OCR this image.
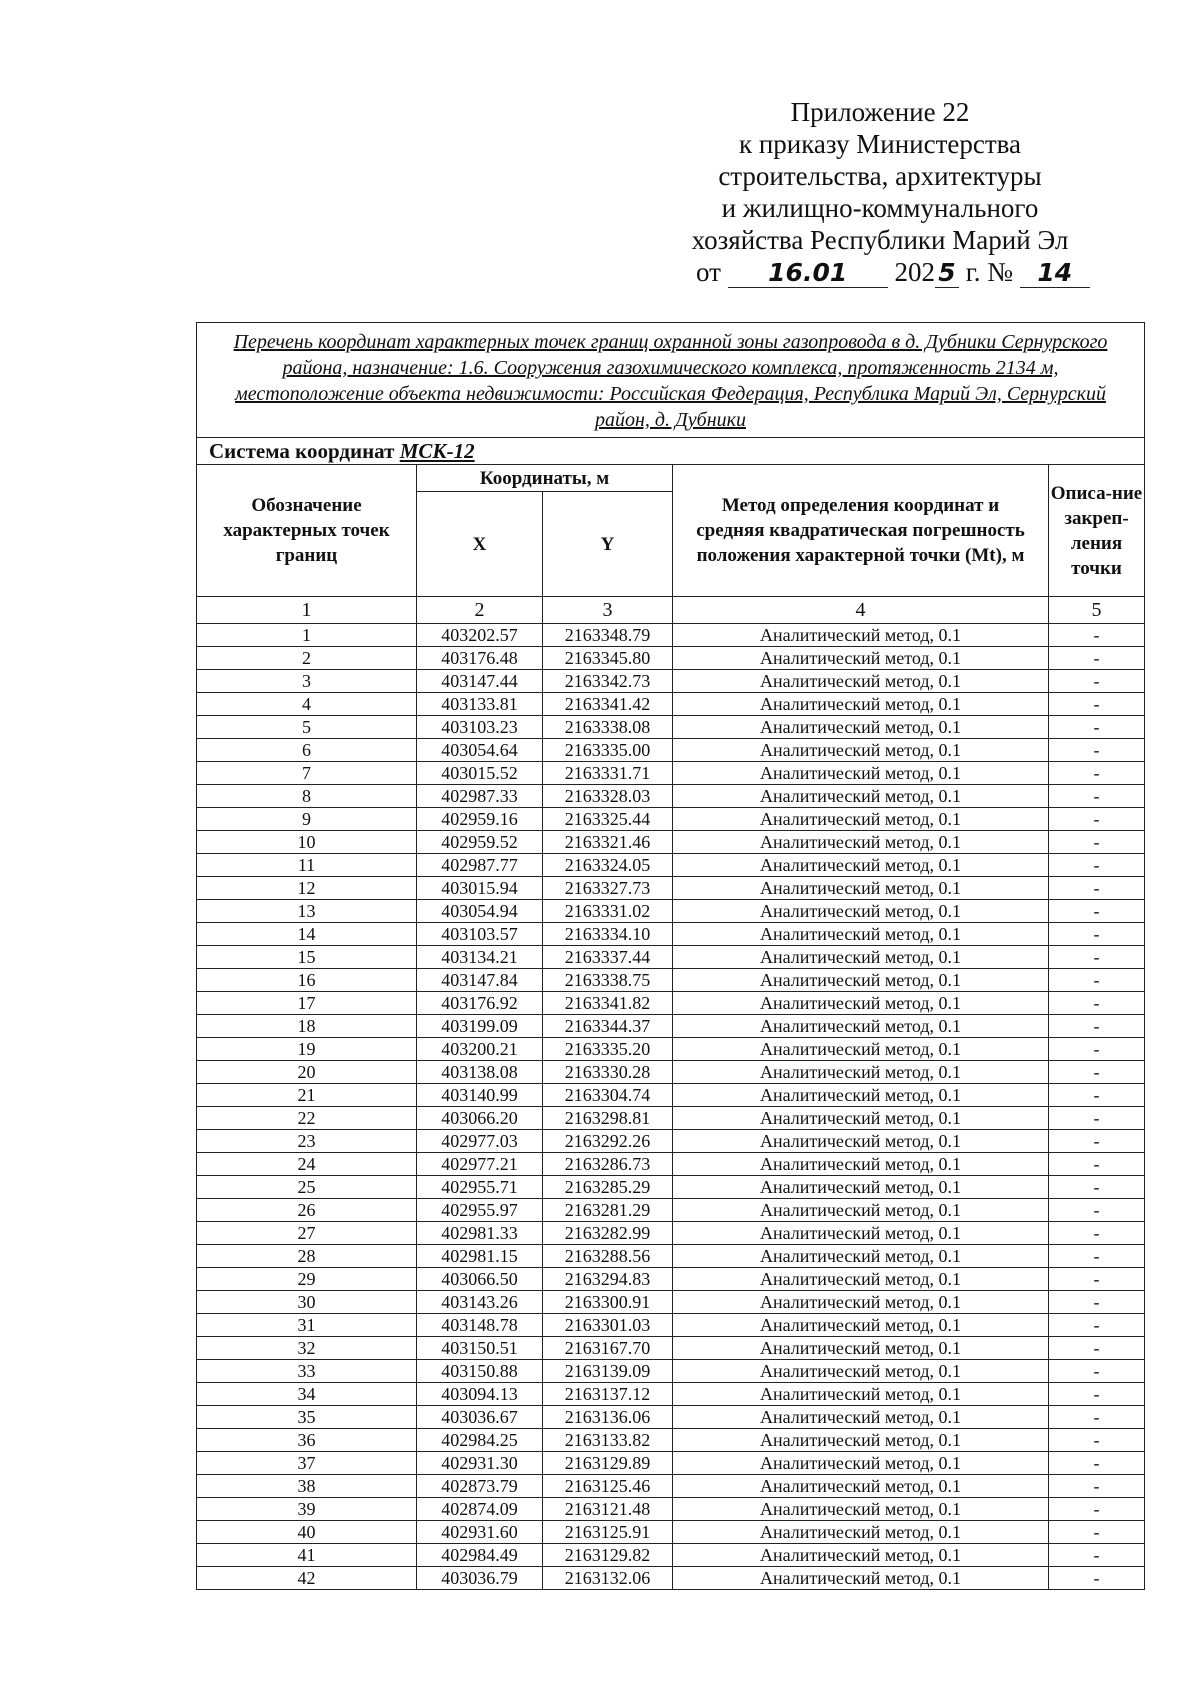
Приложение 22
к приказу Министерства
строительства, архитектуры
и жилищно-коммунального
хозяйства Республики Марий Эл
от 16.01 202 5 г. № 14
Перечень координат характерных точек границ охранной зоны газопровода в д. Дубники Сернурского района, назначение: 1.6. Сооружения газохимического комплекса, протяженность 2134 м, местоположение объекта недвижимости: Российская Федерация, Республика Марий Эл, Сернурский район, д. Дубники				
Система координат МСК-12				
Обозначение характерных точек границ	Координаты, м		Метод определения координат и средняя квадратическая погрешность положения характерной точки (Mt), м	Описа-ние закреп-ления точки
	X	Y		
1	2	3	4	5
1	403202.57	2163348.79	Аналитический метод, 0.1	-
2	403176.48	2163345.80	Аналитический метод, 0.1	-
3	403147.44	2163342.73	Аналитический метод, 0.1	-
4	403133.81	2163341.42	Аналитический метод, 0.1	-
5	403103.23	2163338.08	Аналитический метод, 0.1	-
6	403054.64	2163335.00	Аналитический метод, 0.1	-
7	403015.52	2163331.71	Аналитический метод, 0.1	-
8	402987.33	2163328.03	Аналитический метод, 0.1	-
9	402959.16	2163325.44	Аналитический метод, 0.1	-
10	402959.52	2163321.46	Аналитический метод, 0.1	-
11	402987.77	2163324.05	Аналитический метод, 0.1	-
12	403015.94	2163327.73	Аналитический метод, 0.1	-
13	403054.94	2163331.02	Аналитический метод, 0.1	-
14	403103.57	2163334.10	Аналитический метод, 0.1	-
15	403134.21	2163337.44	Аналитический метод, 0.1	-
16	403147.84	2163338.75	Аналитический метод, 0.1	-
17	403176.92	2163341.82	Аналитический метод, 0.1	-
18	403199.09	2163344.37	Аналитический метод, 0.1	-
19	403200.21	2163335.20	Аналитический метод, 0.1	-
20	403138.08	2163330.28	Аналитический метод, 0.1	-
21	403140.99	2163304.74	Аналитический метод, 0.1	-
22	403066.20	2163298.81	Аналитический метод, 0.1	-
23	402977.03	2163292.26	Аналитический метод, 0.1	-
24	402977.21	2163286.73	Аналитический метод, 0.1	-
25	402955.71	2163285.29	Аналитический метод, 0.1	-
26	402955.97	2163281.29	Аналитический метод, 0.1	-
27	402981.33	2163282.99	Аналитический метод, 0.1	-
28	402981.15	2163288.56	Аналитический метод, 0.1	-
29	403066.50	2163294.83	Аналитический метод, 0.1	-
30	403143.26	2163300.91	Аналитический метод, 0.1	-
31	403148.78	2163301.03	Аналитический метод, 0.1	-
32	403150.51	2163167.70	Аналитический метод, 0.1	-
33	403150.88	2163139.09	Аналитический метод, 0.1	-
34	403094.13	2163137.12	Аналитический метод, 0.1	-
35	403036.67	2163136.06	Аналитический метод, 0.1	-
36	402984.25	2163133.82	Аналитический метод, 0.1	-
37	402931.30	2163129.89	Аналитический метод, 0.1	-
38	402873.79	2163125.46	Аналитический метод, 0.1	-
39	402874.09	2163121.48	Аналитический метод, 0.1	-
40	402931.60	2163125.91	Аналитический метод, 0.1	-
41	402984.49	2163129.82	Аналитический метод, 0.1	-
42	403036.79	2163132.06	Аналитический метод, 0.1	-
